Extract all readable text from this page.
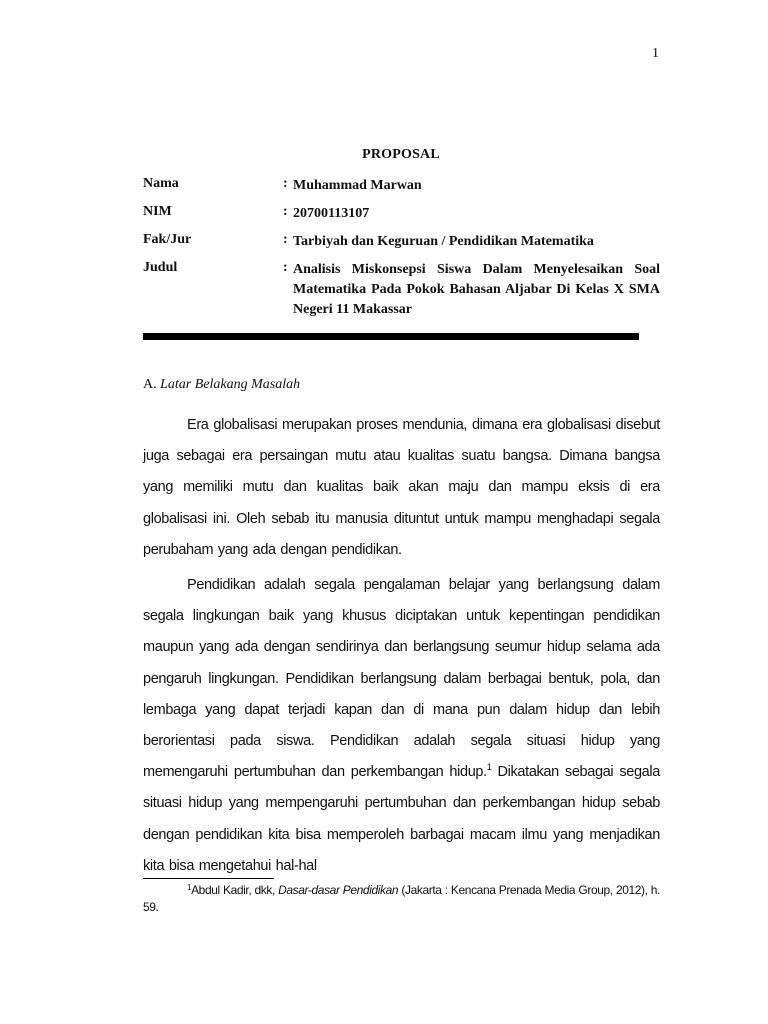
1
PROPOSAL
Nama	: Muhammad Marwan
NIM	: 20700113107
Fak/Jur	: Tarbiyah dan Keguruan / Pendidikan Matematika
Judul	: Analisis Miskonsepsi Siswa Dalam Menyelesaikan Soal Matematika Pada Pokok Bahasan Aljabar Di Kelas X SMA Negeri 11 Makassar
A. Latar Belakang Masalah

Era globalisasi merupakan proses mendunia, dimana era globalisasi disebut juga sebagai era persaingan mutu atau kualitas suatu bangsa. Dimana bangsa yang memiliki mutu dan kualitas baik akan maju dan mampu eksis di era globalisasi ini. Oleh sebab itu manusia dituntut untuk mampu menghadapi segala perubaham yang ada dengan pendidikan.

Pendidikan adalah segala pengalaman belajar yang berlangsung dalam segala lingkungan baik yang khusus diciptakan untuk kepentingan pendidikan maupun yang ada dengan sendirinya dan berlangsung seumur hidup selama ada pengaruh lingkungan. Pendidikan berlangsung dalam berbagai bentuk, pola, dan lembaga yang dapat terjadi kapan dan di mana pun dalam hidup dan lebih berorientasi pada siswa. Pendidikan adalah segala situasi hidup yang memengaruhi pertumbuhan dan perkembangan hidup.$^1$ Dikatakan sebagai segala situasi hidup yang mempengaruhi pertumbuhan dan perkembangan hidup sebab dengan pendidikan kita bisa memperoleh barbagai macam ilmu yang menjadikan kita bisa mengetahui hal-hal

$^1$Abdul Kadir, dkk, Dasar-dasar Pendidikan (Jakarta : Kencana Prenada Media Group, 2012), h. 59.
